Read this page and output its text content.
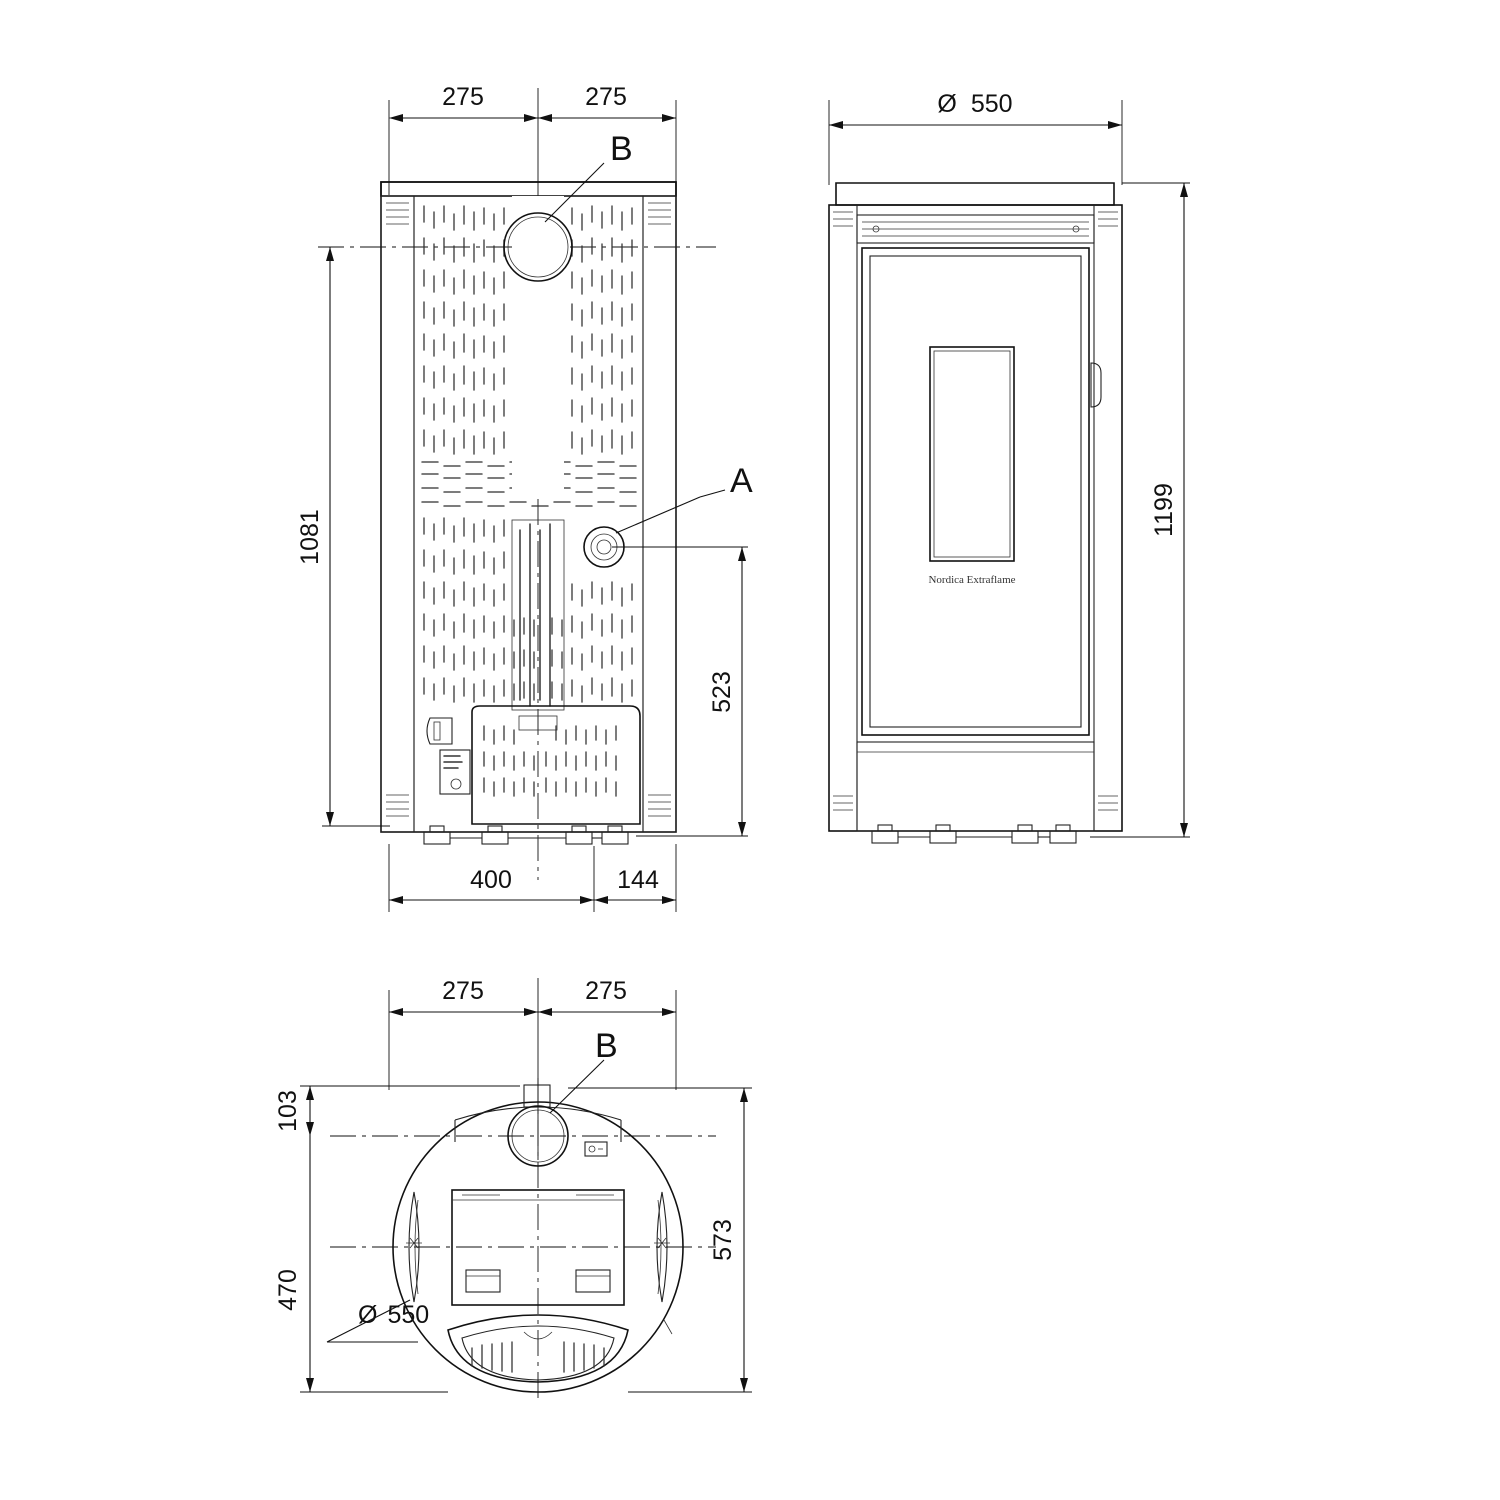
275	275
B
A
1081
523
400	144
Ø 550
Nordica Extraflame
1199
275	275
B
103
470
Ø 550
573
